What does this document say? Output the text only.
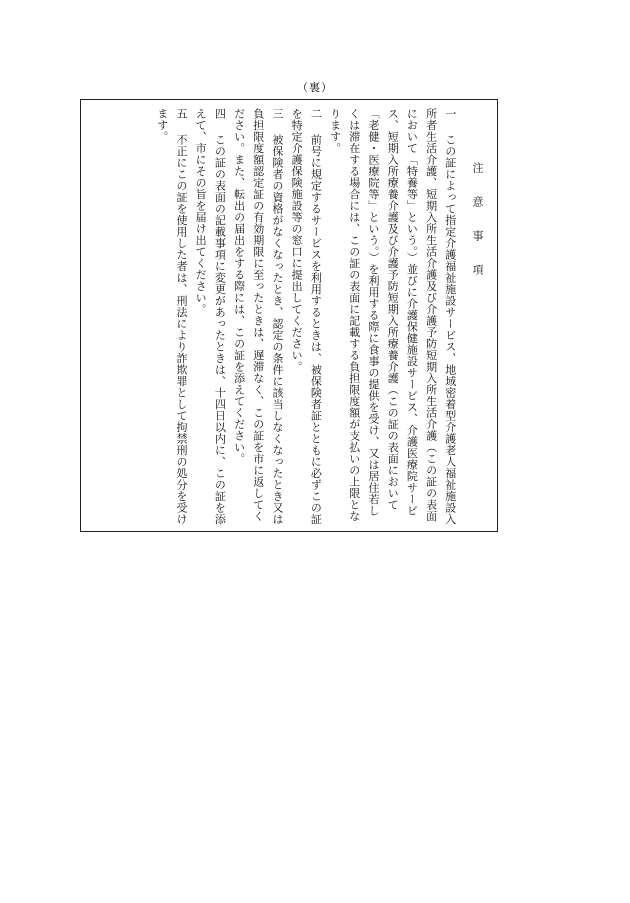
（裏）
注　意　事　項
一　この証によって指定介護福祉施設サービス、地域密着型介護老人福祉施設入所者生活介護、短期入所生活介護及び介護予防短期入所生活介護（この証の表面において「特養等」という。）並びに介護保健施設サービス、介護医療院サービス、短期入所療養介護及び介護予防短期入所療養介護（この証の表面において「老健・医療院等」という。）を利用する際に食事の提供を受け、又は居住若しくは滞在する場合には、この証の表面に記載する負担限度額が支払いの上限となります。
二　前号に規定するサービスを利用するときは、被保険者証とともに必ずこの証を特定介護保険施設等の窓口に提出してください。
三　被保険者の資格がなくなったとき、認定の条件に該当しなくなったとき又は負担限度額認定証の有効期限に至ったときは、遅滞なく、この証を市に返してください。また、転出の届出をする際には、この証を添えてください。
四　この証の表面の記載事項に変更があったときは、十四日以内に、この証を添えて、市にその旨を届け出てください。
五　不正にこの証を使用した者は、刑法により詐欺罪として拘禁刑の処分を受けます。
